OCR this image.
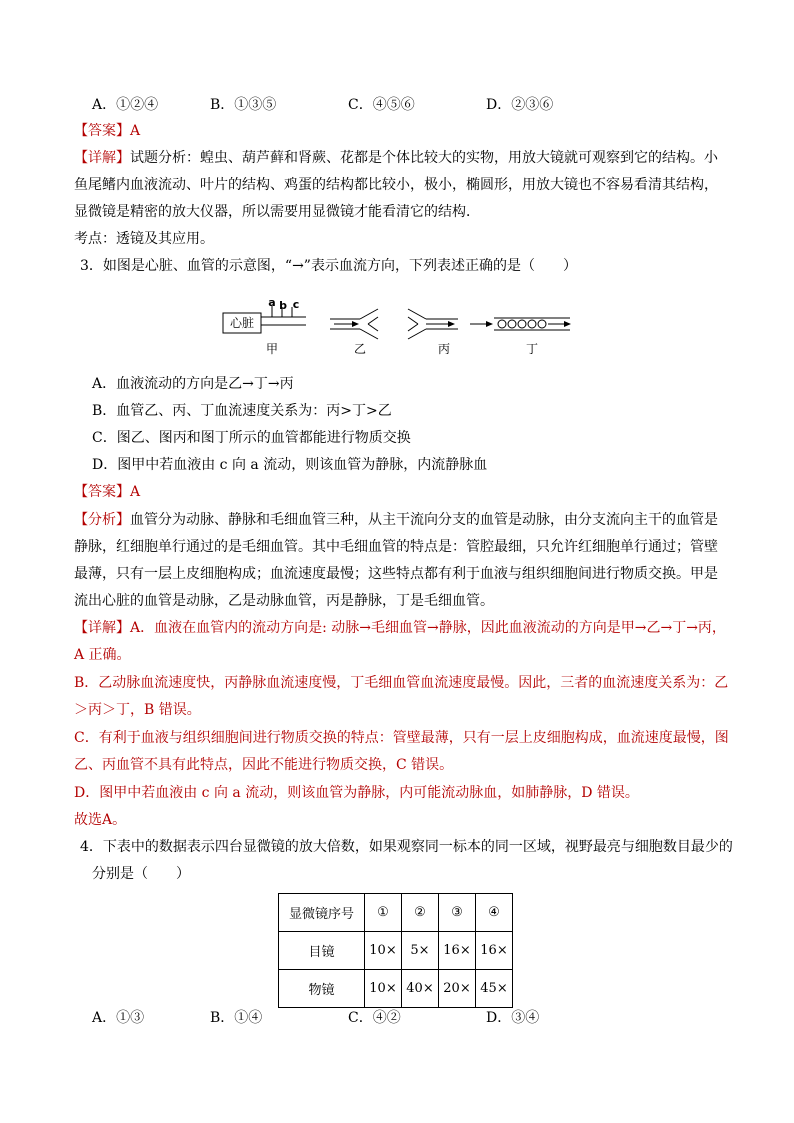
A．①②④	B．①③⑤	C．④⑤⑥	D．②③⑥
【答案】A
【详解】试题分析：蝗虫、葫芦藓和肾蕨、花都是个体比较大的实物，用放大镜就可观察到它的结构。小
鱼尾鳍内血液流动、叶片的结构、鸡蛋的结构都比较小，极小，椭圆形，用放大镜也不容易看清其结构，
显微镜是精密的放大仪器，所以需要用显微镜才能看清它的结构．
考点：透镜及其应用。
3．如图是心脏、血管的示意图，“→”表示血流方向，下列表述正确的是（　　）
心脏
a b c
甲	乙	丙	丁
A．血液流动的方向是乙→丁→丙
B．血管乙、丙、丁血流速度关系为：丙>丁>乙
C．图乙、图丙和图丁所示的血管都能进行物质交换
D．图甲中若血液由 c 向 a 流动，则该血管为静脉，内流静脉血
【答案】A
【分析】血管分为动脉、静脉和毛细血管三种，从主干流向分支的血管是动脉，由分支流向主干的血管是
静脉，红细胞单行通过的是毛细血管。其中毛细血管的特点是：管腔最细，只允许红细胞单行通过；管壁
最薄，只有一层上皮细胞构成；血流速度最慢；这些特点都有利于血液与组织细胞间进行物质交换。甲是
流出心脏的血管是动脉，乙是动脉血管，丙是静脉，丁是毛细血管。
【详解】A．血液在血管内的流动方向是: 动脉→毛细血管→静脉，因此血液流动的方向是甲→乙→丁→丙，
A 正确。
B．乙动脉血流速度快，丙静脉血流速度慢，丁毛细血管血流速度最慢。因此，三者的血流速度关系为：乙
＞丙＞丁，B 错误。
C．有利于血液与组织细胞间进行物质交换的特点：管壁最薄，只有一层上皮细胞构成，血流速度最慢，图
乙、丙血管不具有此特点，因此不能进行物质交换，C 错误。
D．图甲中若血液由 c 向 a 流动，则该血管为静脉，内可能流动脉血，如肺静脉，D 错误。
故选A。
4．下表中的数据表示四台显微镜的放大倍数，如果观察同一标本的同一区域，视野最亮与细胞数目最少的
分别是（　　）
显微镜序号	①	②	③	④
目镜	10×	5×	16×	16×
物镜	10×	40×	20×	45×
A．①③	B．①④	C．④②	D．③④
